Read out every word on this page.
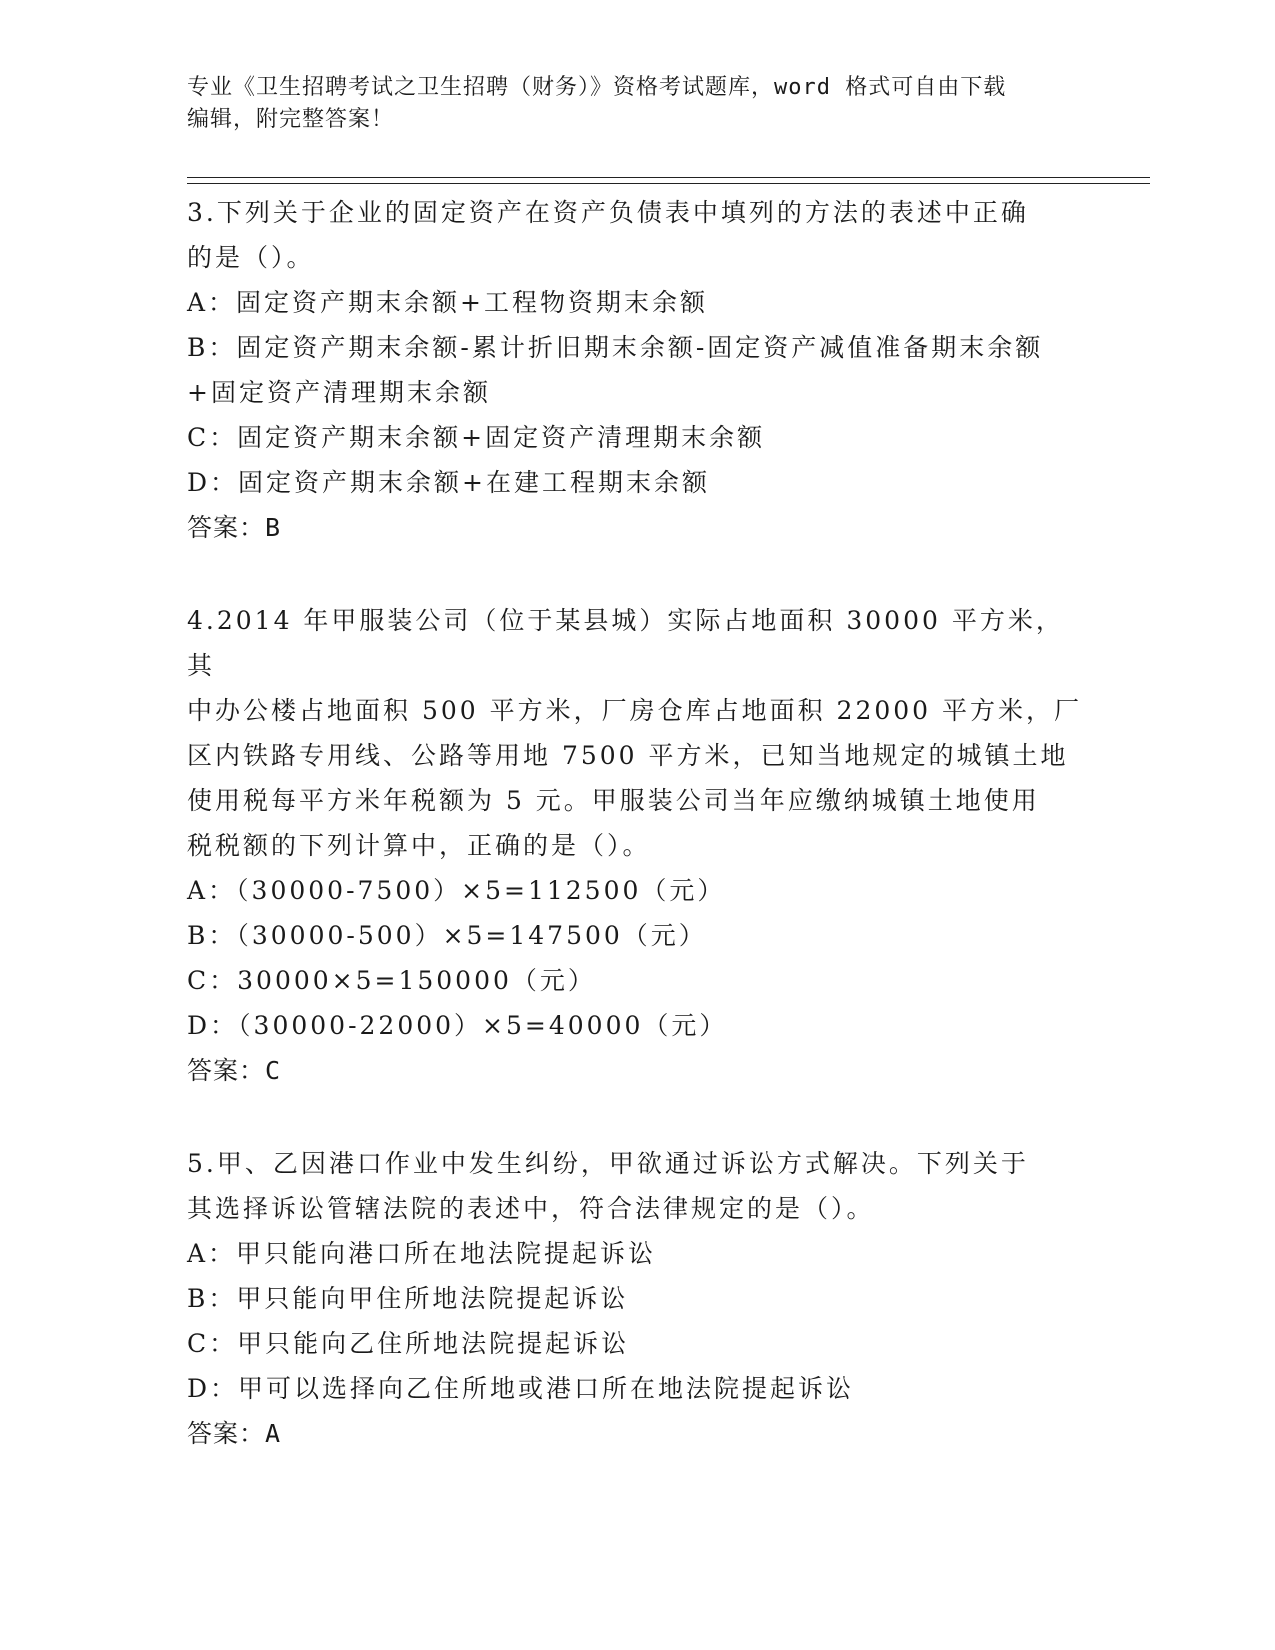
专业《卫生招聘考试之卫生招聘（财务）》资格考试题库，word 格式可自由下载
编辑，附完整答案！

3.下列关于企业的固定资产在资产负债表中填列的方法的表述中正确

的是（）。

A：固定资产期末余额+工程物资期末余额

B：固定资产期末余额-累计折旧期末余额-固定资产减值准备期末余额

+固定资产清理期末余额

C：固定资产期末余额+固定资产清理期末余额

D：固定资产期末余额+在建工程期末余额

答案：B

4.2014 年甲服装公司（位于某县城）实际占地面积 30000 平方米，其

中办公楼占地面积 500 平方米，厂房仓库占地面积 22000 平方米，厂

区内铁路专用线、公路等用地 7500 平方米，已知当地规定的城镇土地

使用税每平方米年税额为 5 元。甲服装公司当年应缴纳城镇土地使用

税税额的下列计算中，正确的是（）。

A：（30000-7500）×5=112500（元）

B：（30000-500）×5=147500（元）

C：30000×5=150000（元）

D：（30000-22000）×5=40000（元）

答案：C

5.甲、乙因港口作业中发生纠纷，甲欲通过诉讼方式解决。下列关于

其选择诉讼管辖法院的表述中，符合法律规定的是（）。

A：甲只能向港口所在地法院提起诉讼

B：甲只能向甲住所地法院提起诉讼

C：甲只能向乙住所地法院提起诉讼

D：甲可以选择向乙住所地或港口所在地法院提起诉讼

答案：A
